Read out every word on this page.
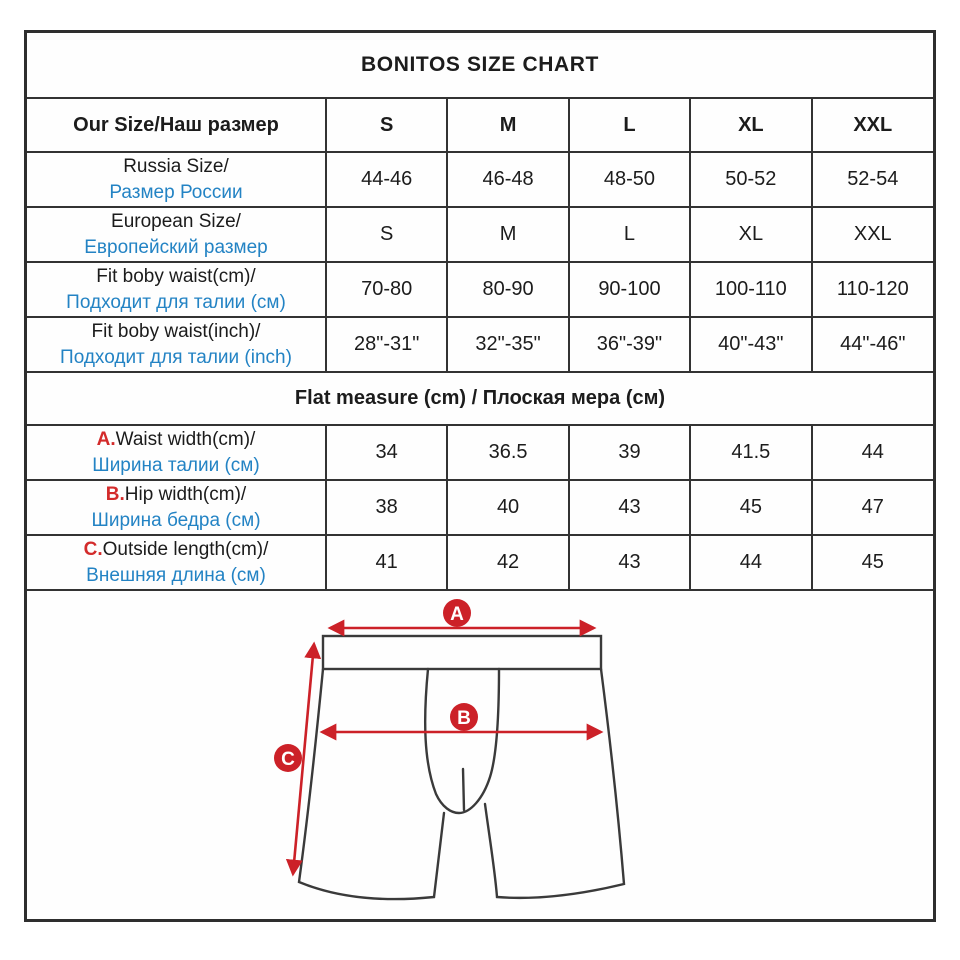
BONITOS SIZE CHART					
Our Size/Наш размер	S	M	L	XL	XXL

Russia Size/
Размер России	44-46	46-48	48-50	50-52	52-54

European Size/
Европейский размер	S	M	L	XL	XXL

Fit boby waist(cm)/
Подходит для талии (см)	70-80	80-90	90-100	100-110	110-120

Fit boby waist(inch)/
Подходит для талии (inch)	28"-31"	32"-35"	36"-39"	40"-43"	44"-46"
Flat measure (cm) / Плоская мера (см)					

A.Waist width(cm)/
Ширина талии (см)	34	36.5	39	41.5	44

B.Hip width(cm)/
Ширина бедра (см)	38	40	43	45	47

C.Outside length(cm)/
Внешняя длина (см)	41	42	43	44	45
A
B
C
